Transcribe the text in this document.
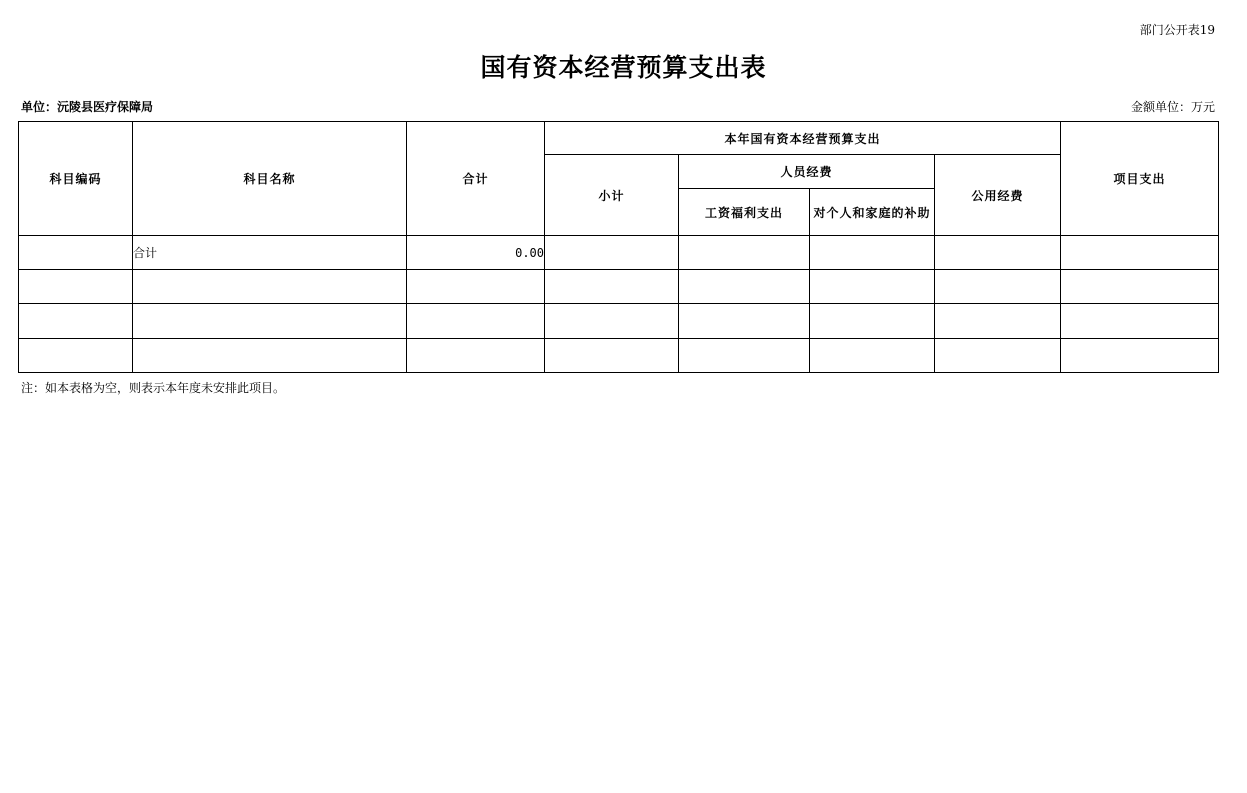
部门公开表19
国有资本经营预算支出表
单位：沅陵县医疗保障局	金额单位：万元
科目编码	科目名称	合计	本年国有资本经营预算支出				项目支出
			小计	人员经费		公用经费	
				工资福利支出	对个人和家庭的补助		
	合计	0.00					

注：如本表格为空，则表示本年度未安排此项目。
